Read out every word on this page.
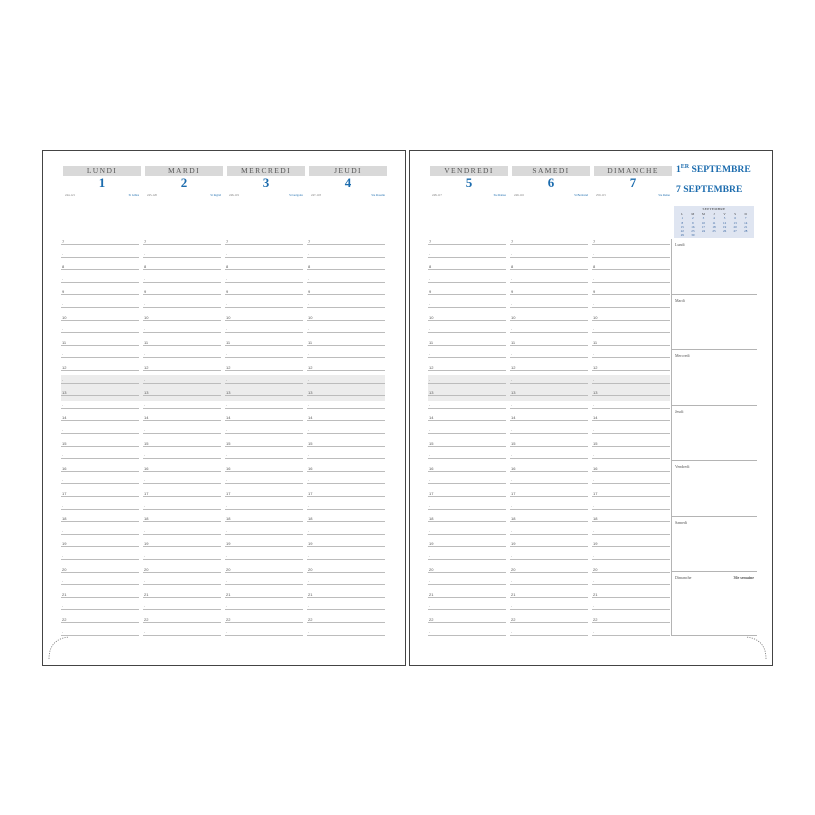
LUNDI
1
244-121	St Gilles
MARDI
2
245-120	St Ingrid
MERCREDI
3
246-119	St Grégoire
JEUDI
4
247-118	Ste Rosalie
7	7	7	7
·	·	·	·
8	8	8	8
·	·	·	·
9	9	9	9
·	·	·	·
10	10	10	10
·	·	·	·
11	11	11	11
·	·	·	·
12	12	12	12
·	·	·	·
13	13	13	13
·	·	·	·
14	14	14	14
·	·	·	·
15	15	15	15
·	·	·	·
16	16	16	16
·	·	·	·
17	17	17	17
·	·	·	·
18	18	18	18
·	·	·	·
19	19	19	19
·	·	·	·
20	20	20	20
·	·	·	·
21	21	21	21
·	·	·	·
22	22	22	22
·	·	·	·
VENDREDI
5
248-117	Ste Raïssa
SAMEDI
6
249-116	St Bertrand
DIMANCHE
7
250-115	Ste Reine
7	7	7
·	·	·
8	8	8
·	·	·
9	9	9
·	·	·
10	10	10
·	·	·
11	11	11
·	·	·
12	12	12
·	·	·
13	13	13
·	·	·
14	14	14
·	·	·
15	15	15
·	·	·
16	16	16
·	·	·
17	17	17
·	·	·
18	18	18
·	·	·
19	19	19
·	·	·
20	20	20
·	·	·
21	21	21
·	·	·
22	22	22
·	·	·
1ER SEPTEMBRE
7 SEPTEMBRE
SEPTEMBRE
L	M	M	J	V	S	D
1	2	3	4	5	6	7
8	9	10	11	12	13	14
15	16	17	18	19	20	21
22	23	24	25	26	27	28
29	30
Lundi
Mardi
Mercredi
Jeudi
Vendredi
Samedi
Dimanche	36e semaine
